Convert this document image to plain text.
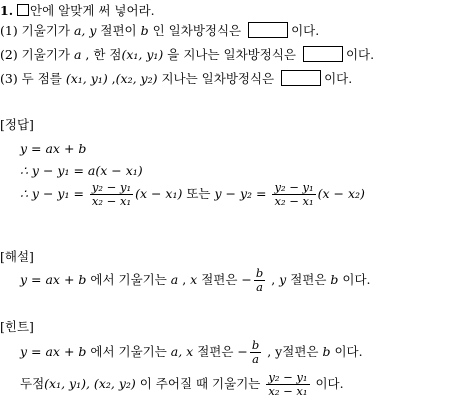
1. 안에 알맞게 써 넣어라.
(1) 기울기가 a, y 절편이 b 인 일차방정식은	이다.
(2) 기울기가 a , 한 점(x₁, y₁) 을 지나는 일차방정식은	이다.
(3) 두 점를 (x₁, y₁) ,(x₂, y₂) 지나는 일차방정식은	이다.
[정답]
y = ax + b
∴ y − y₁ = a(x − x₁)
∴ $y - y_1 = \frac{\text{y₂ − y₁}}{\text{x₂ − x₁}} (x - x_1)$ 또는 $y - y_2 = \frac{\text{y₂ − y₁}}{\text{x₂ − x₁}} (x - x_2)$
[해설]
y = ax + b 에서 기울기는 a , x 절편은 − $\frac{b}{a}$ , y 절편은 b 이다.
[힌트]
y = ax + b 에서 기울기는 a, x 절편은 − $\frac{b}{a}$ , y절편은 b 이다.
두점(x₁, y₁), (x₂, y₂) 이 주어질 때 기울기는 $\frac{\text{y₂ − y₁}}{\text{x₂ − x₁}}$ 이다.
